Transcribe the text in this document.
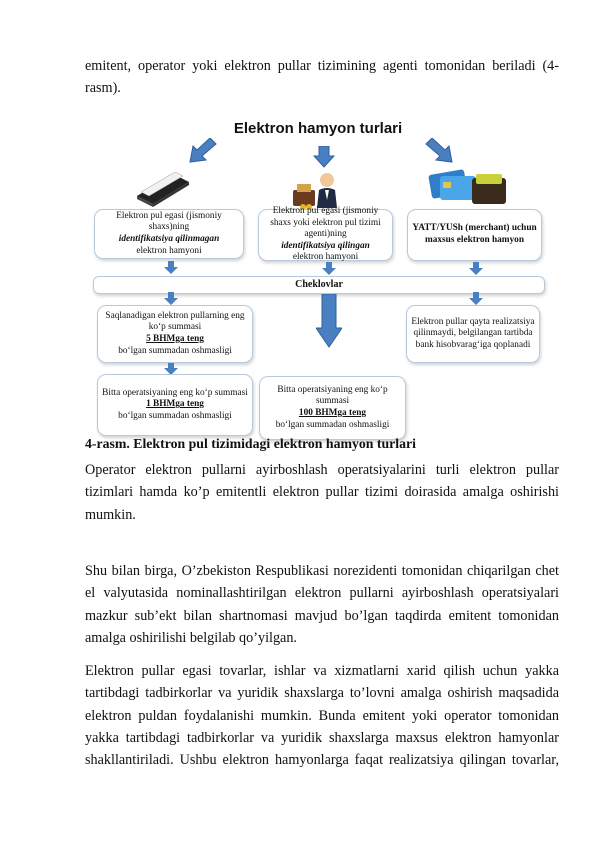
emitent, operator yoki elektron pullar tizimining agenti tomonidan beriladi (4-
rasm).
Elektron hamyon turlari
Elektron pul egasi (jismoniy shaxs)ning
identifikatsiya qilinmagan
elektron hamyoni
Elektron pul egasi (jismoniy shaxs yoki elektron pul tizimi agenti)ning
identifikatsiya qilingan
elektron hamyoni
YATT/YUSh (merchant) uchun maxsus elektron hamyon
Cheklovlar
Saqlanadigan elektron pullarning eng ko‘p summasi
5 BHMga teng
bo‘lgan summadan oshmasligi
Elektron pullar qayta realizatsiya qilinmaydi, belgilangan tartibda bank hisobvarag‘iga qoplanadi
Bitta operatsiyaning eng ko‘p summasi
1 BHMga teng
bo‘lgan summadan oshmasligi
Bitta operatsiyaning eng ko‘p summasi
100 BHMga teng
bo‘lgan summadan oshmasligi
4-rasm. Elektron pul tizimidagi elektron hamyon turlari
Operator elektron pullarni ayirboshlash operatsiyalarini turli elektron pullar
tizimlari hamda ko’p emitentli elektron pullar tizimi doirasida amalga oshirishi
mumkin.
Shu bilan birga, O’zbekiston Respublikasi norezidenti tomonidan chiqarilgan chet
el valyutasida nominallashtirilgan elektron pullarni ayirboshlash operatsiyalari
mazkur sub’ekt bilan shartnomasi mavjud bo’lgan taqdirda emitent tomonidan
amalga oshirilishi belgilab qo’yilgan.
Elektron pullar egasi tovarlar, ishlar va xizmatlarni xarid qilish uchun yakka
tartibdagi tadbirkorlar va yuridik shaxslarga to’lovni amalga oshirish maqsadida
elektron puldan foydalanishi mumkin. Bunda emitent yoki operator tomonidan
yakka tartibdagi tadbirkorlar va yuridik shaxslarga maxsus elektron hamyonlar
shakllantiriladi. Ushbu elektron hamyonlarga faqat realizatsiya qilingan tovarlar,
